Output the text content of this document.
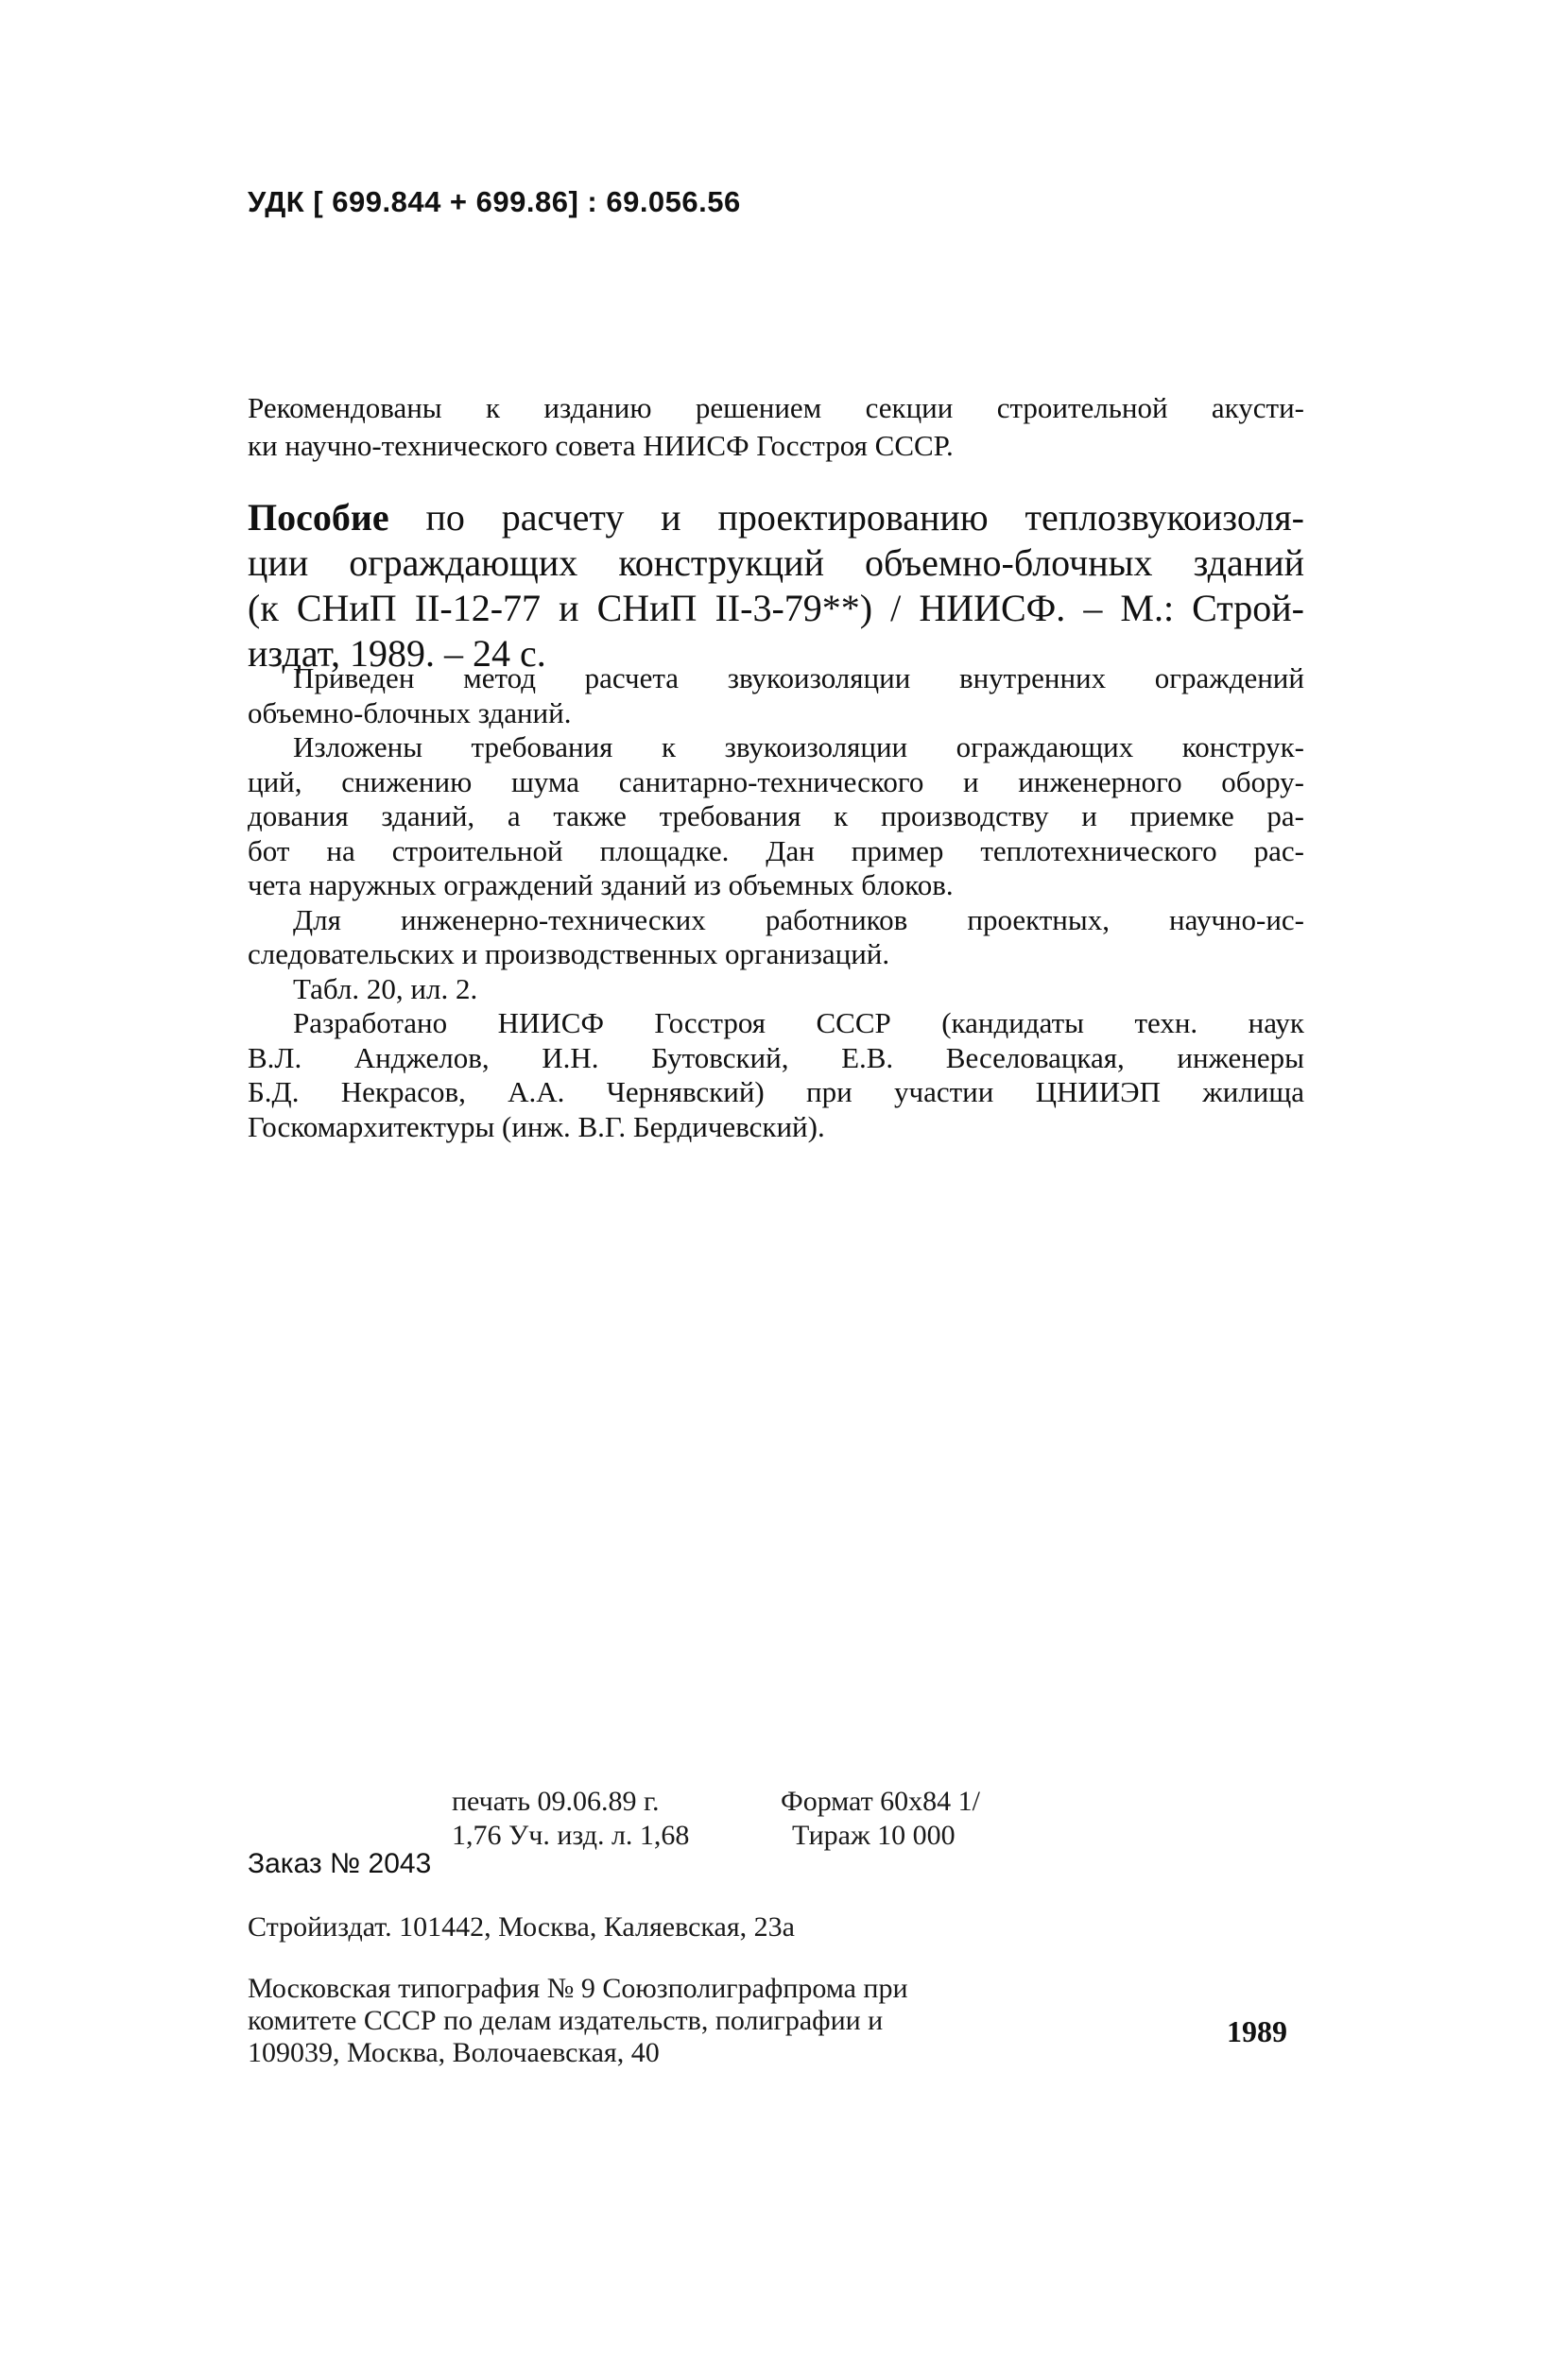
УДК [ 699.844 + 699.86] : 69.056.56

Рекомендованы к изданию решением секции строительной акусти-
ки научно-технического совета НИИСФ Госстроя СССР.
Пособие по расчету и проектированию теплозвукоизоля-
ции ограждающих конструкций объемно-блочных зданий
(к СНиП II-12-77 и СНиП II-3-79**) / НИИСФ. – М.: Строй-
издат, 1989. – 24 с.
Приведен метод расчета звукоизоляции внутренних ограждений
объемно-блочных зданий.
Изложены требования к звукоизоляции ограждающих конструк-
ций, снижению шума санитарно-технического и инженерного обору-
дования зданий, а также требования к производству и приемке ра-
бот на строительной площадке. Дан пример теплотехнического рас-
чета наружных ограждений зданий из объемных блоков.
Для инженерно-технических работников проектных, научно-ис-
следовательских и производственных организаций.
Табл. 20, ил. 2.
Разработано НИИСФ Госстроя СССР (кандидаты техн. наук
В.Л. Анджелов, И.Н. Бутовский, Е.В. Веселовацкая, инженеры
Б.Д. Некрасов, А.А. Чернявский) при участии ЦНИИЭП жилища
Госкомархитектуры (инж. В.Г. Бердичевский).

печать 09.06.89 г.	Формат 60х84 1/

1,76 Уч. изд. л. 1,68	Тираж 10 000

Заказ № 2043

Стройиздат. 101442, Москва, Каляевская, 23а

Московская типография № 9 Союзполиграфпрома при

комитете СССР по делам издательств, полиграфии и

109039, Москва, Волочаевская, 40

1989
